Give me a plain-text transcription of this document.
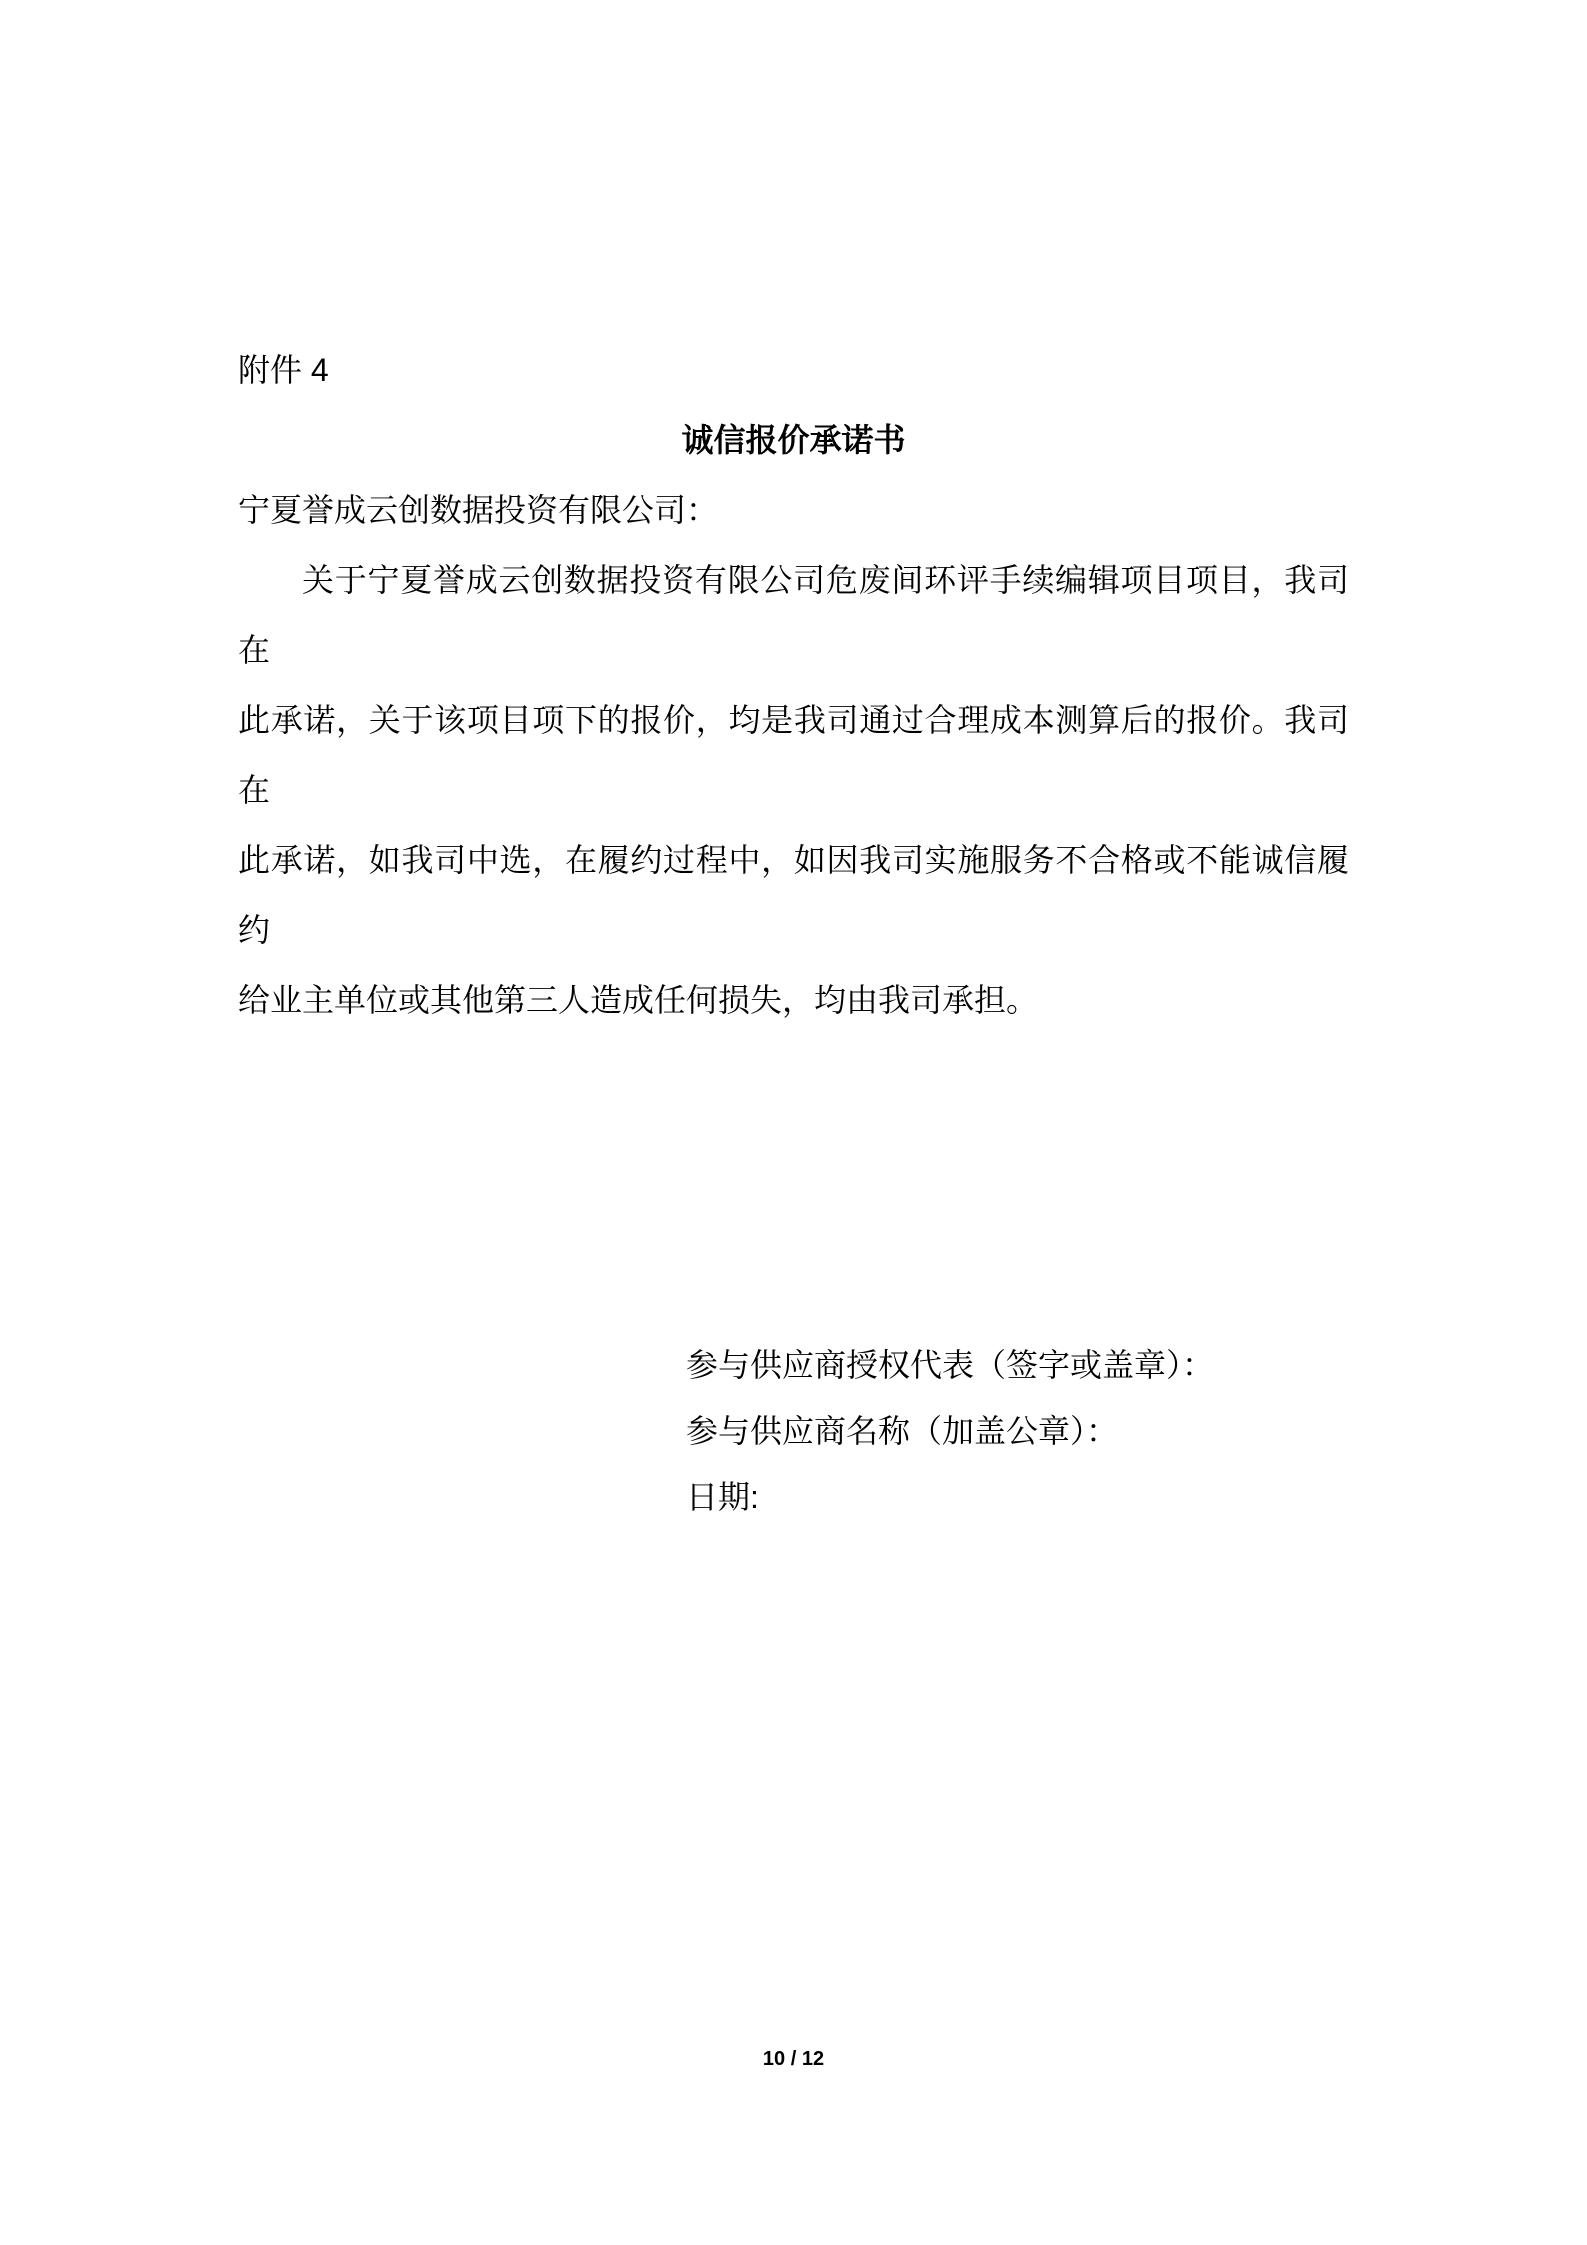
附件 4
诚信报价承诺书
宁夏誉成云创数据投资有限公司：
关于宁夏誉成云创数据投资有限公司危废间环评手续编辑项目项目，我司在
此承诺，关于该项目项下的报价，均是我司通过合理成本测算后的报价。我司在
此承诺，如我司中选，在履约过程中，如因我司实施服务不合格或不能诚信履约
给业主单位或其他第三人造成任何损失，均由我司承担。
参与供应商授权代表（签字或盖章）：
参与供应商名称（加盖公章）：
日期:
10 / 12
